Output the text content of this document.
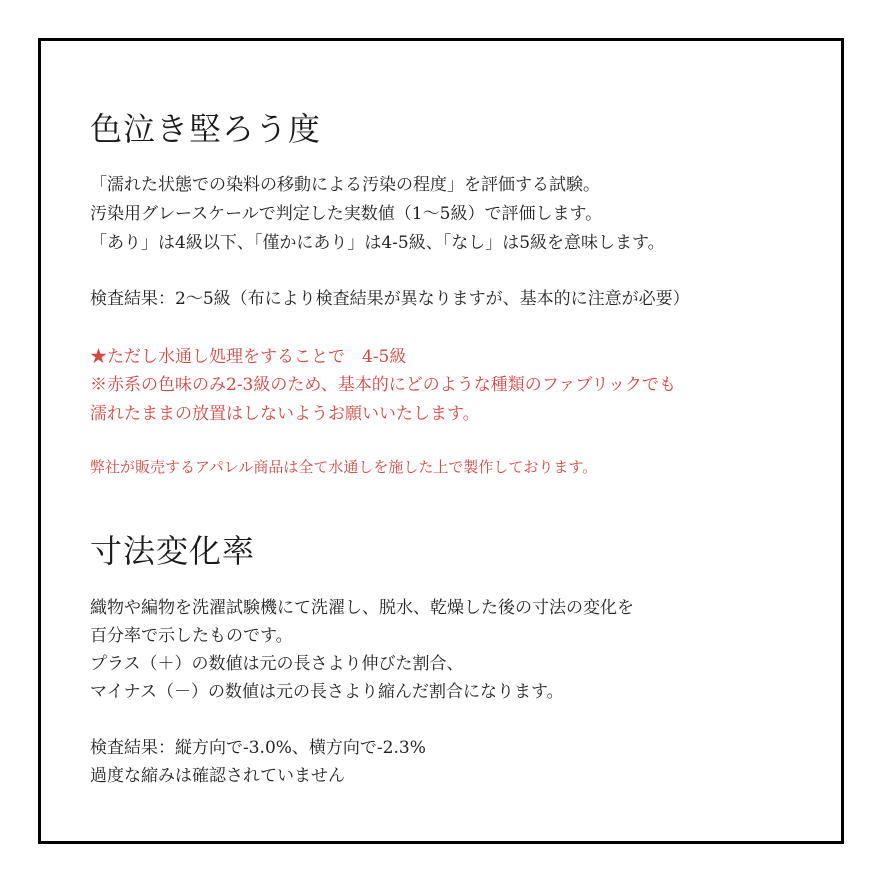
色泣き堅ろう度

「濡れた状態での染料の移動による汚染の程度」を評価する試験。

汚染用グレースケールで判定した実数値（1〜5級）で評価します。

「あり」は4級以下、「僅かにあり」は4-5級、「なし」は5級を意味します。

検査結果：2〜5級（布により検査結果が異なりますが、基本的に注意が必要）

★ただし水通し処理をすることで　4-5級

※赤系の色味のみ2-3級のため、基本的にどのような種類のファブリックでも

濡れたままの放置はしないようお願いいたします。

弊社が販売するアパレル商品は全て水通しを施した上で製作しております。

寸法変化率

織物や編物を洗濯試験機にて洗濯し、脱水、乾燥した後の寸法の変化を

百分率で示したものです。

プラス（＋）の数値は元の長さより伸びた割合、

マイナス（－）の数値は元の長さより縮んだ割合になります。

検査結果：縦方向で-3.0%、横方向で-2.3%

過度な縮みは確認されていません
